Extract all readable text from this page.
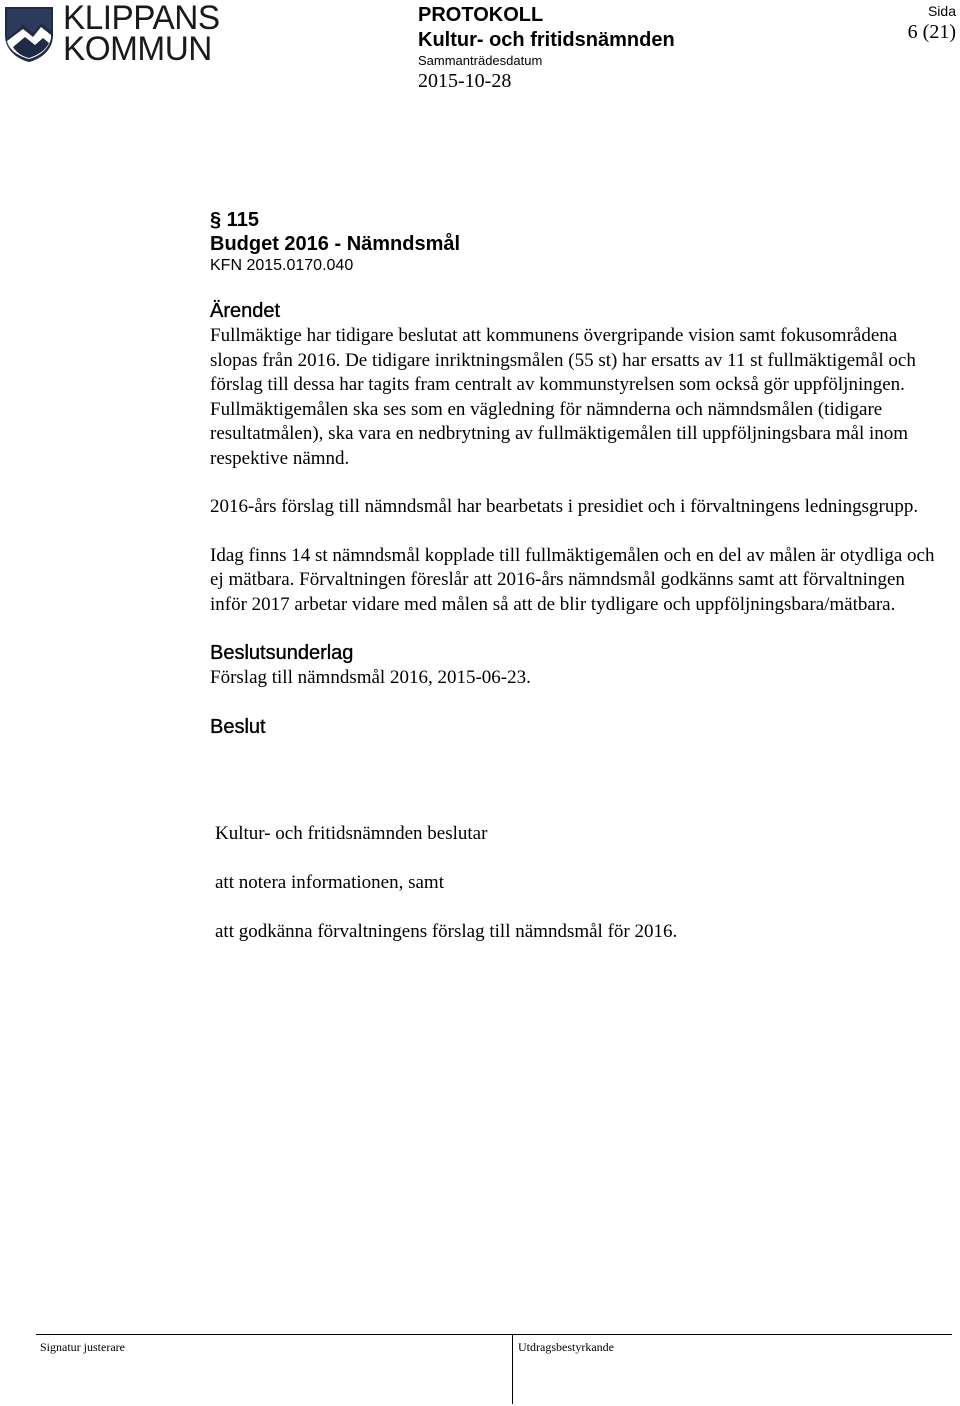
KLIPPANS
KOMMUN
PROTOKOLL
Kultur- och fritidsnämnden
Sammanträdesdatum
2015-10-28
Sida
6 (21)
§ 115
Budget 2016 - Nämndsmål
KFN 2015.0170.040
Ärendet

Fullmäktige har tidigare beslutat att kommunens övergripande vision samt fokusområdena slopas från 2016. De tidigare inriktningsmålen (55 st) har ersatts av 11 st fullmäktigemål och förslag till dessa har tagits fram centralt av kommunstyrelsen som också gör uppföljningen. Fullmäktigemålen ska ses som en vägledning för nämnderna och nämndsmålen (tidigare resultatmålen), ska vara en nedbrytning av fullmäktigemålen till uppföljningsbara mål inom respektive nämnd.

2016-års förslag till nämndsmål har bearbetats i presidiet och i förvaltningens ledningsgrupp.

Idag finns 14 st nämndsmål kopplade till fullmäktigemålen och en del av målen är otydliga och ej mätbara. Förvaltningen föreslår att 2016-års nämndsmål godkänns samt att förvaltningen inför 2017 arbetar vidare med målen så att de blir tydligare och uppföljningsbara/mätbara.

Beslutsunderlag

Förslag till nämndsmål 2016, 2015-06-23.

Beslut
Kultur- och fritidsnämnden beslutar
att notera informationen, samt
att godkänna förvaltningens förslag till nämndsmål för 2016.
Signatur justerare	Utdragsbestyrkande
